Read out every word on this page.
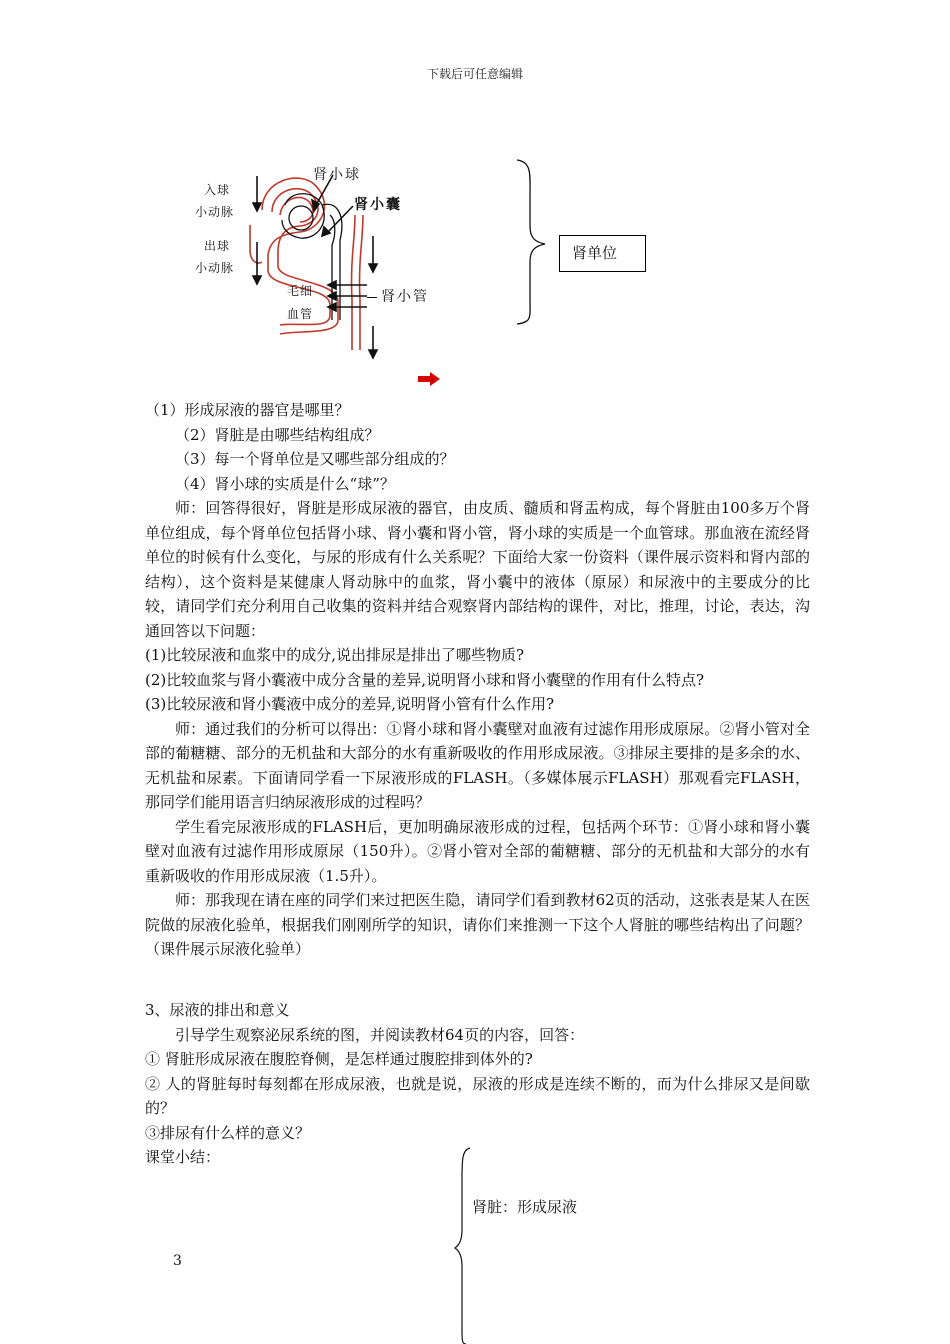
下载后可任意编辑
肾小球
肾小囊
入球
小动脉
出球
小动脉
毛细
血管
肾小管
肾单位

（1）形成尿液的器官是哪里？

（2）肾脏是由哪些结构组成？

（3）每一个肾单位是又哪些部分组成的？

（4）肾小球的实质是什么“球”？

师：回答得很好，肾脏是形成尿液的器官，由皮质、髓质和肾盂构成，每个肾脏由100多万个肾单位组成，每个肾单位包括肾小球、肾小囊和肾小管，肾小球的实质是一个血管球。那血液在流经肾单位的时候有什么变化，与尿的形成有什么关系呢？下面给大家一份资料（课件展示资料和肾内部的结构），这个资料是某健康人肾动脉中的血浆，肾小囊中的液体（原尿）和尿液中的主要成分的比较，请同学们充分利用自己收集的资料并结合观察肾内部结构的课件，对比，推理，讨论，表达，沟通回答以下问题：

(1)比较尿液和血浆中的成分,说出排尿是排出了哪些物质?

(2)比较血浆与肾小囊液中成分含量的差异,说明肾小球和肾小囊壁的作用有什么特点?

(3)比较尿液和肾小囊液中成分的差异,说明肾小管有什么作用?

师：通过我们的分析可以得出：①肾小球和肾小囊壁对血液有过滤作用形成原尿。②肾小管对全部的葡糖糖、部分的无机盐和大部分的水有重新吸收的作用形成尿液。③排尿主要排的是多余的水、无机盐和尿素。下面请同学看一下尿液形成的FLASH。（多媒体展示FLASH）那观看完FLASH，那同学们能用语言归纳尿液形成的过程吗？

学生看完尿液形成的FLASH后，更加明确尿液形成的过程，包括两个环节：①肾小球和肾小囊壁对血液有过滤作用形成原尿（150升）。②肾小管对全部的葡糖糖、部分的无机盐和大部分的水有重新吸收的作用形成尿液（1.5升）。

师：那我现在请在座的同学们来过把医生隐，请同学们看到教材62页的活动，这张表是某人在医院做的尿液化验单，根据我们刚刚所学的知识，请你们来推测一下这个人肾脏的哪些结构出了问题？（课件展示尿液化验单）

3、尿液的排出和意义

引导学生观察泌尿系统的图，并阅读教材64页的内容，回答：

① 肾脏形成尿液在腹腔脊侧，是怎样通过腹腔排到体外的?

② 人的肾脏每时每刻都在形成尿液，也就是说，尿液的形成是连续不断的，而为什么排尿又是间歇的？

③排尿有什么样的意义？

课堂小结：

肾脏：形成尿液
3
